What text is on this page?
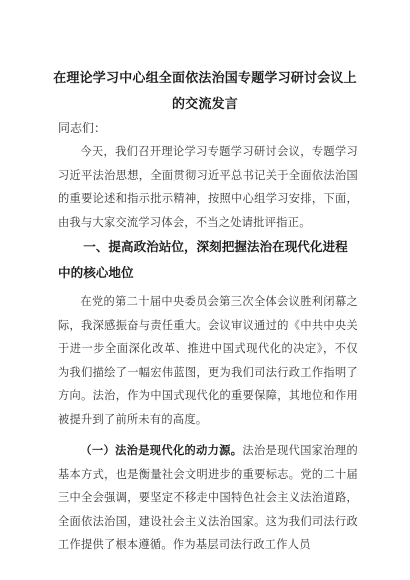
在理论学习中心组全面依法治国专题学习研讨会议上的交流发言
同志们：
今天，我们召开理论学习专题学习研讨会议，专题学习习近平法治思想，全面贯彻习近平总书记关于全面依法治国的重要论述和指示批示精神，按照中心组学习安排，下面，由我与大家交流学习体会，不当之处请批评指正。
一、提高政治站位，深刻把握法治在现代化进程中的核心地位
在党的第二十届中央委员会第三次全体会议胜利闭幕之际，我深感振奋与责任重大。会议审议通过的《中共中央关于进一步全面深化改革、推进中国式现代化的决定》，不仅为我们描绘了一幅宏伟蓝图，更为我们司法行政工作指明了方向。法治，作为中国式现代化的重要保障，其地位和作用被提升到了前所未有的高度。
（一）法治是现代化的动力源。法治是现代国家治理的基本方式，也是衡量社会文明进步的重要标志。党的二十届三中全会强调，要坚定不移走中国特色社会主义法治道路，全面依法治国，建设社会主义法治国家。这为我们司法行政工作提供了根本遵循。作为基层司法行政工作人员
